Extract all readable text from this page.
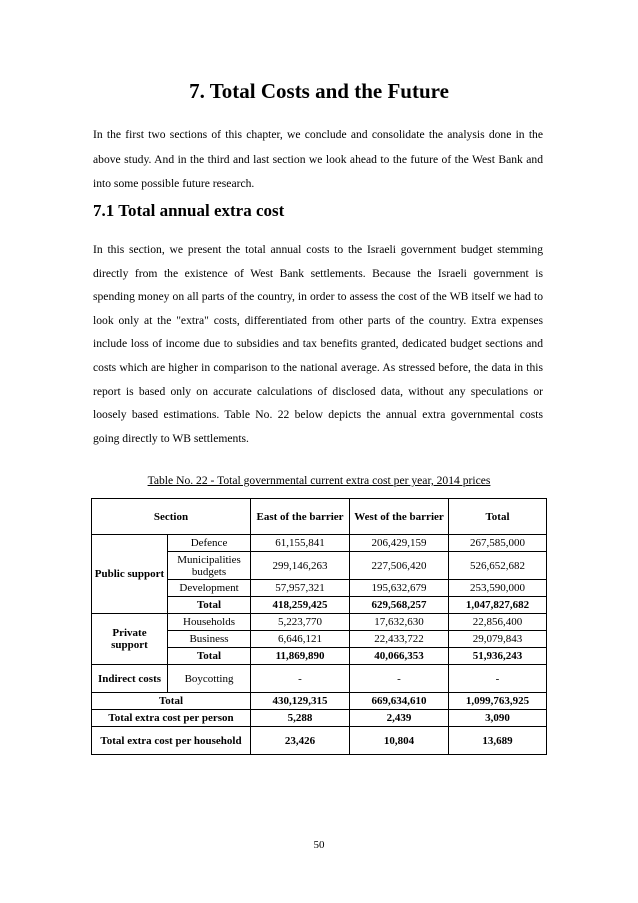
7. Total Costs and the Future

In the first two sections of this chapter, we conclude and consolidate the analysis done in the above study. And in the third and last section we look ahead to the future of the West Bank and into some possible future research.

7.1 Total annual extra cost

In this section, we present the total annual costs to the Israeli government budget stemming directly from the existence of West Bank settlements. Because the Israeli government is spending money on all parts of the country, in order to assess the cost of the WB itself we had to look only at the "extra" costs, differentiated from other parts of the country. Extra expenses include loss of income due to subsidies and tax benefits granted, dedicated budget sections and costs which are higher in comparison to the national average. As stressed before, the data in this report is based only on accurate calculations of disclosed data, without any speculations or loosely based estimations. Table No. 22 below depicts the annual extra governmental costs going directly to WB settlements.

Table No. 22 - Total governmental current extra cost per year, 2014 prices

Section		East of the barrier	West of the barrier	Total
Public support	Defence	61,155,841	206,429,159	267,585,000
	Municipalities budgets	299,146,263	227,506,420	526,652,682
	Development	57,957,321	195,632,679	253,590,000
	Total	418,259,425	629,568,257	1,047,827,682
Private support	Households	5,223,770	17,632,630	22,856,400
	Business	6,646,121	22,433,722	29,079,843
	Total	11,869,890	40,066,353	51,936,243
Indirect costs	Boycotting	-	-	-
Total		430,129,315	669,634,610	1,099,763,925
Total extra cost per person		5,288	2,439	3,090
Total extra cost per household		23,426	10,804	13,689

50
